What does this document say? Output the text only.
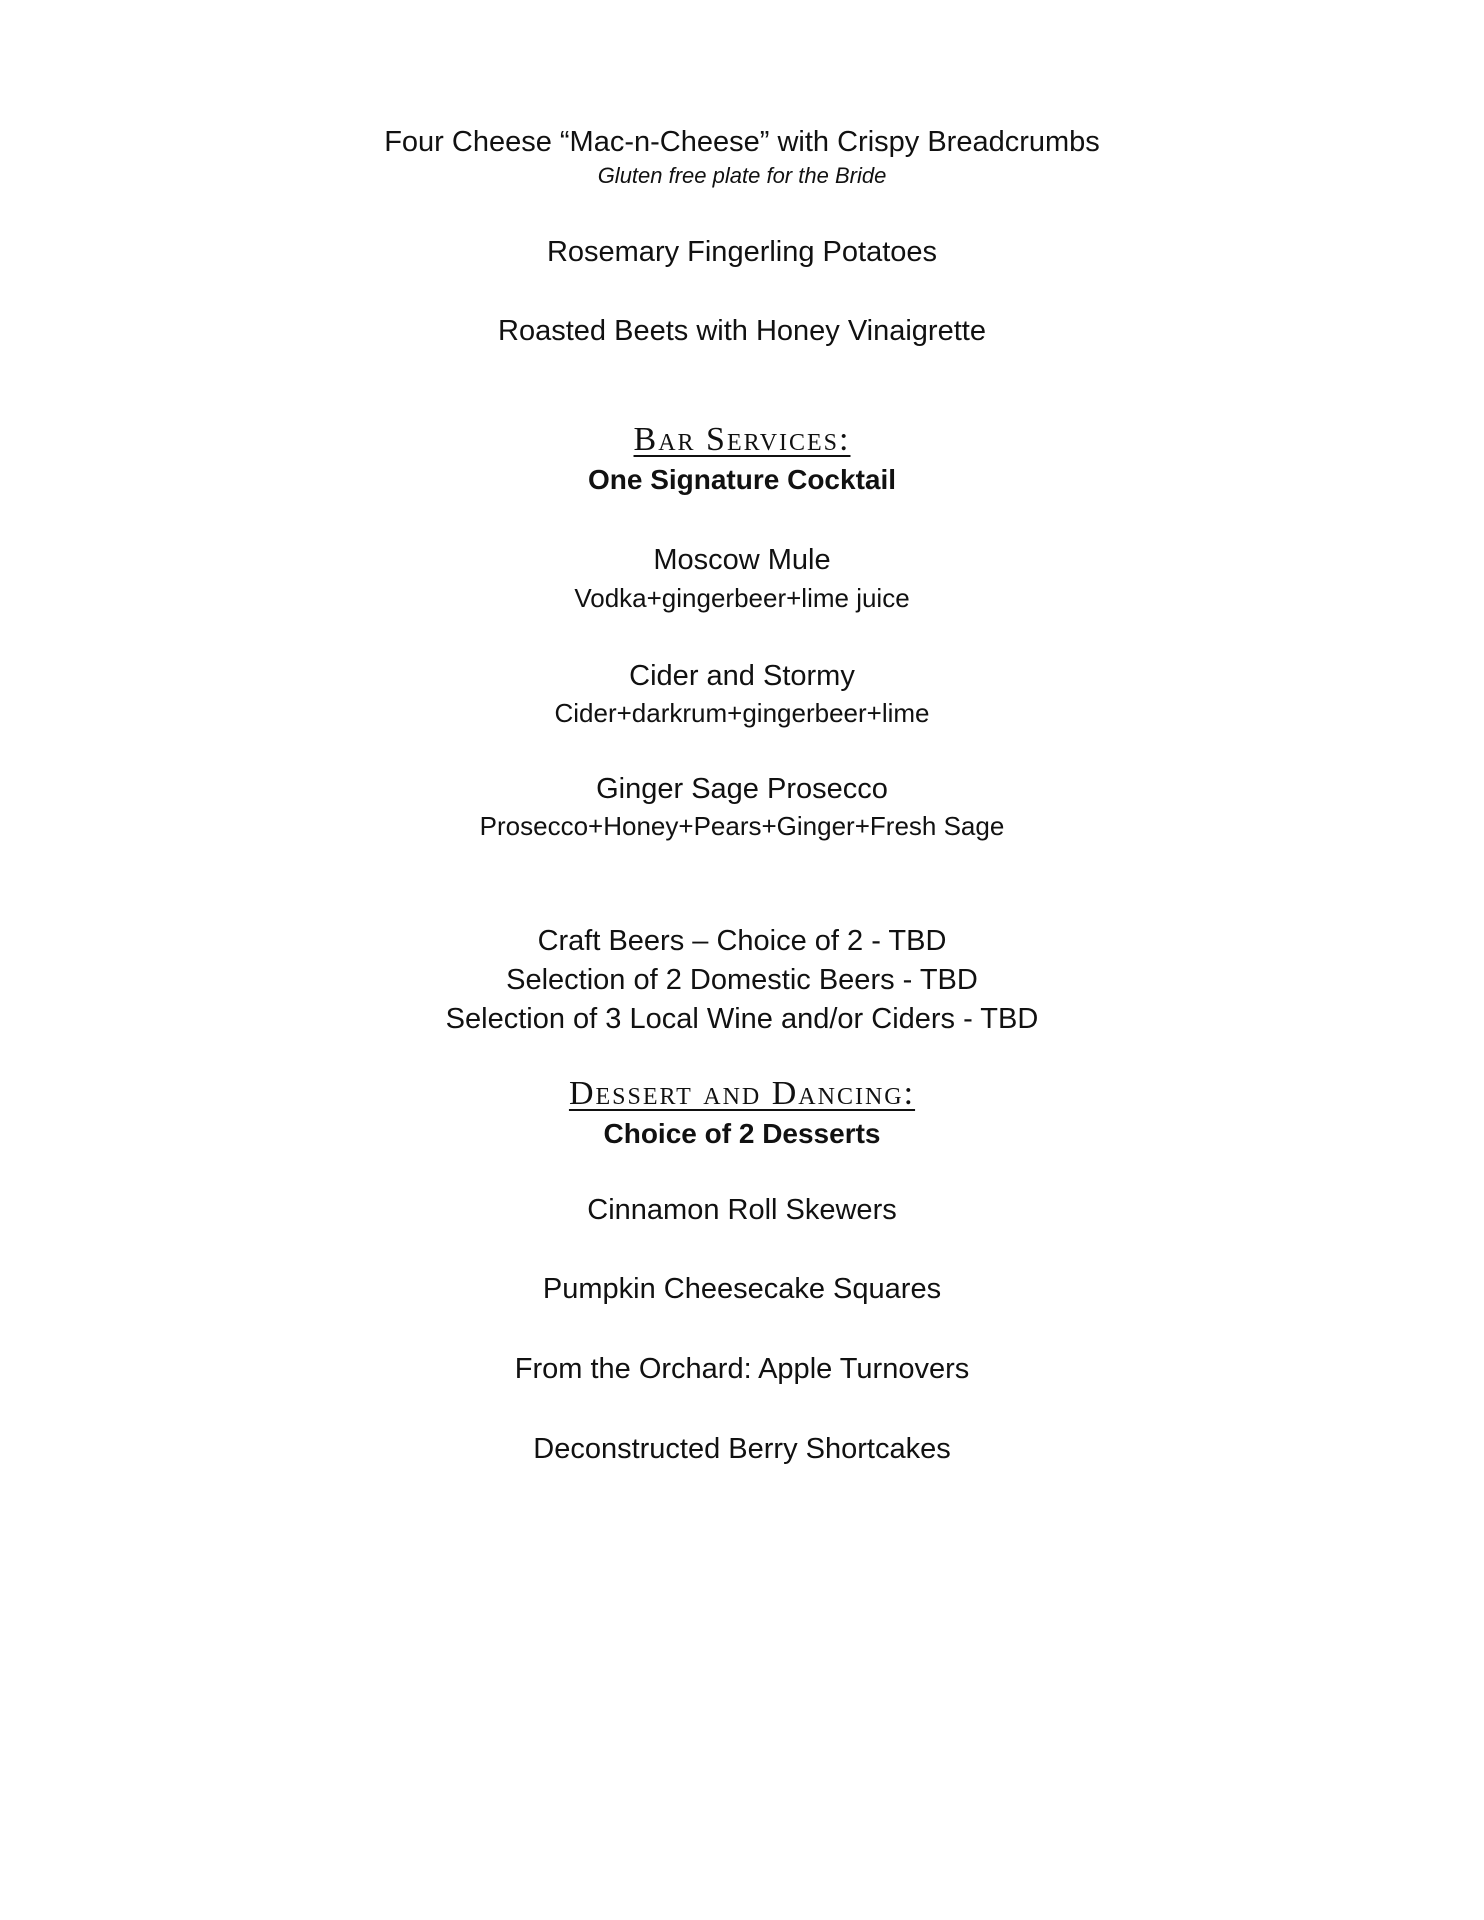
Four Cheese “Mac-n-Cheese” with Crispy Breadcrumbs
Gluten free plate for the Bride
Rosemary Fingerling Potatoes
Roasted Beets with Honey Vinaigrette
Bar Services:
One Signature Cocktail
Moscow Mule
Vodka+gingerbeer+lime juice
Cider and Stormy
Cider+darkrum+gingerbeer+lime
Ginger Sage Prosecco
Prosecco+Honey+Pears+Ginger+Fresh Sage
Craft Beers – Choice of 2 - TBD
Selection of 2 Domestic Beers - TBD
Selection of 3 Local Wine and/or Ciders - TBD
Dessert and Dancing:
Choice of 2 Desserts
Cinnamon Roll Skewers
Pumpkin Cheesecake Squares
From the Orchard: Apple Turnovers
Deconstructed Berry Shortcakes
